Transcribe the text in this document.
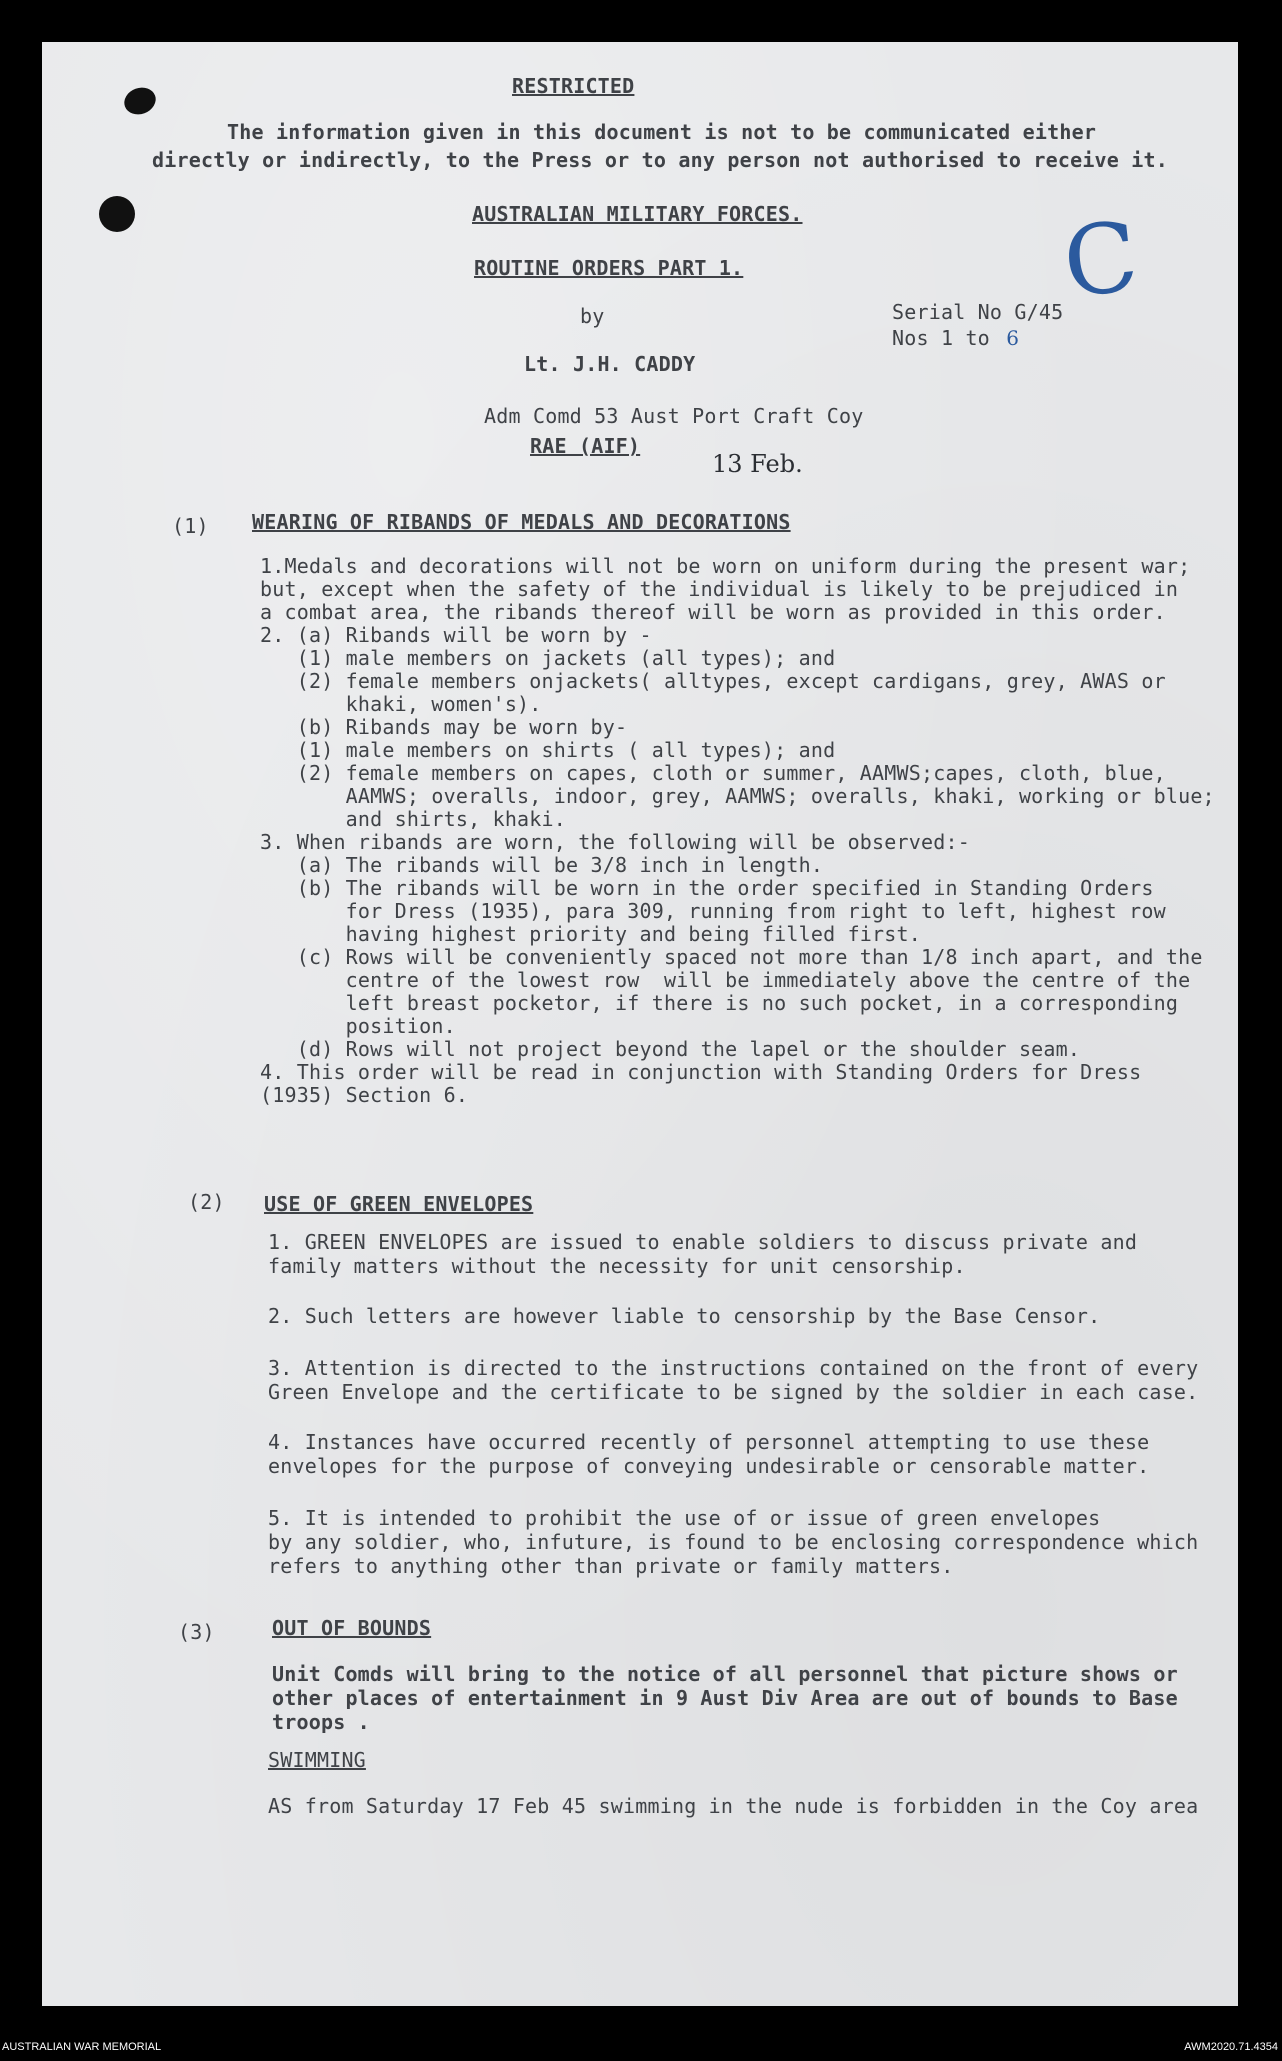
RESTRICTED
The information given in this document is not to be communicated either
directly or indirectly, to the Press or to any person not authorised to receive it.
AUSTRALIAN MILITARY FORCES.
ROUTINE ORDERS PART 1.
by
Lt. J.H. CADDY
Adm Comd 53 Aust Port Craft Coy
RAE (AIF)
Serial No G/45
Nos 1 to 6
C
13 Feb.
(1) WEARING OF RIBANDS OF MEDALS AND DECORATIONS
1.Medals and decorations will not be worn on uniform during the present war;
but, except when the safety of the individual is likely to be prejudiced in
a combat area, the ribands thereof will be worn as provided in this order.
2. (a) Ribands will be worn by -
(1) male members on jackets (all types); and
(2) female members onjackets( alltypes, except cardigans, grey, AWAS or
khaki, women's).
(b) Ribands may be worn by-
(1) male members on shirts ( all types); and
(2) female members on capes, cloth or summer, AAMWS;capes, cloth, blue,
AAMWS; overalls, indoor, grey, AAMWS; overalls, khaki, working or blue;
and shirts, khaki.
3. When ribands are worn, the following will be observed:-
(a) The ribands will be 3/8 inch in length.
(b) The ribands will be worn in the order specified in Standing Orders
for Dress (1935), para 309, running from right to left, highest row
having highest priority and being filled first.
(c) Rows will be conveniently spaced not more than 1/8 inch apart, and the
centre of the lowest row  will be immediately above the centre of the
left breast pocketor, if there is no such pocket, in a corresponding
position.
(d) Rows will not project beyond the lapel or the shoulder seam.
4. This order will be read in conjunction with Standing Orders for Dress
(1935) Section 6.
(2) USE OF GREEN ENVELOPES
1. GREEN ENVELOPES are issued to enable soldiers to discuss private and
family matters without the necessity for unit censorship.
2. Such letters are however liable to censorship by the Base Censor.
3. Attention is directed to the instructions contained on the front of every
Green Envelope and the certificate to be signed by the soldier in each case.
4. Instances have occurred recently of personnel attempting to use these
envelopes for the purpose of conveying undesirable or censorable matter.
5. It is intended to prohibit the use of or issue of green envelopes
by any soldier, who, infuture, is found to be enclosing correspondence which
refers to anything other than private or family matters.
(3)	OUT OF BOUNDS
Unit Comds will bring to the notice of all personnel that picture shows or
other places of entertainment in 9 Aust Div Area are out of bounds to Base
troops .
SWIMMING
AS from Saturday 17 Feb 45 swimming in the nude is forbidden in the Coy area
AUSTRALIAN WAR MEMORIAL	AWM2020.71.4354
